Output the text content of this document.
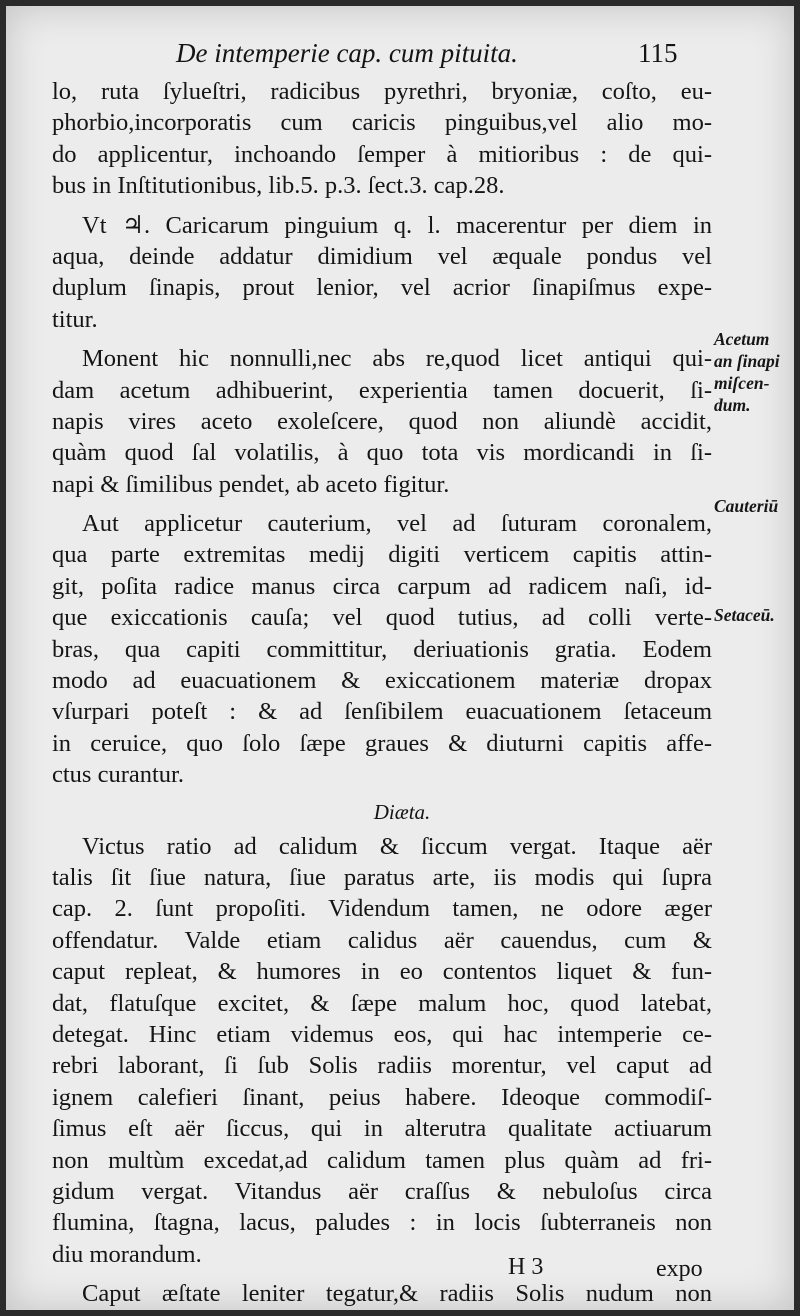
De intemperie cap. cum pituita.	115
lo, ruta ſylueſtri, radicibus pyrethri, bryoniæ, coſto, eu-
phorbio,incorporatis cum caricis pinguibus,vel alio mo-
do applicentur, inchoando ſemper à mitioribus : de qui-
bus in Inſtitutionibus, lib.5. p.3. ſect.3. cap.28.
Vt ♃. Caricarum pinguium q. l. macerentur per diem in
aqua, deinde addatur dimidium vel æquale pondus vel
duplum ſinapis, prout lenior, vel acrior ſinapiſmus expe-
titur.
Monent hic nonnulli,nec abs re,quod licet antiqui qui-
dam acetum adhibuerint, experientia tamen docuerit, ſi-
napis vires aceto exoleſcere, quod non aliundè accidit,
quàm quod ſal volatilis, à quo tota vis mordicandi in ſi-
napi & ſimilibus pendet, ab aceto figitur.
Aut applicetur cauterium, vel ad ſuturam coronalem,
qua parte extremitas medij digiti verticem capitis attin-
git, poſita radice manus circa carpum ad radicem naſi, id-
que exiccationis cauſa; vel quod tutius, ad colli verte-
bras, qua capiti committitur, deriuationis gratia. Eodem
modo ad euacuationem & exiccationem materiæ dropax
vſurpari poteſt : & ad ſenſibilem euacuationem ſetaceum
in ceruice, quo ſolo ſæpe graues & diuturni capitis affe-
ctus curantur.
Diæta.
Victus ratio ad calidum & ſiccum vergat. Itaque aër
talis ſit ſiue natura, ſiue paratus arte, iis modis qui ſupra
cap. 2. ſunt propoſiti. Videndum tamen, ne odore æger
offendatur. Valde etiam calidus aër cauendus, cum &
caput repleat, & humores in eo contentos liquet & fun-
dat, flatuſque excitet, & ſæpe malum hoc, quod latebat,
detegat. Hinc etiam videmus eos, qui hac intemperie ce-
rebri laborant, ſi ſub Solis radiis morentur, vel caput ad
ignem calefieri ſinant, peius habere. Ideoque commodiſ-
ſimus eſt aër ſiccus, qui in alterutra qualitate actiuarum
non multùm excedat,ad calidum tamen plus quàm ad fri-
gidum vergat. Vitandus aër craſſus & nebuloſus circa
flumina, ſtagna, lacus, paludes : in locis ſubterraneis non
diu morandum.
Caput æſtate leniter tegatur,& radiis Solis nudum non
Acetum
an ſinapi
miſcen-
dum.
Cauteriū
Setaceū.
H 3	expo
